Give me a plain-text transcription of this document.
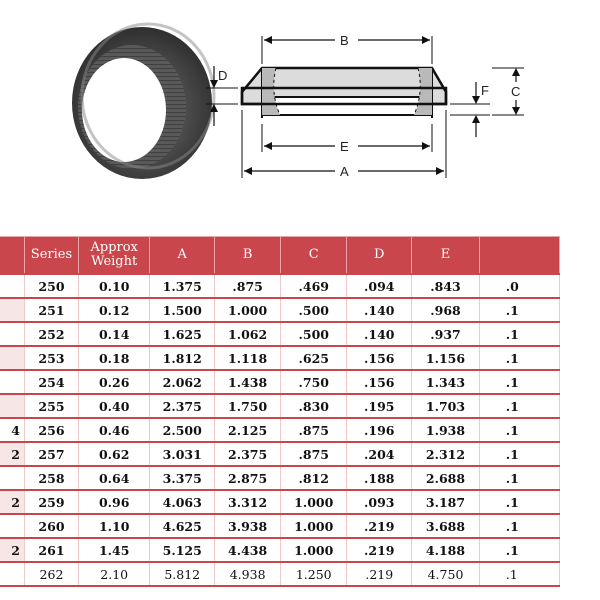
B
E
A
D
F C
	Series	Approx Weight	A	B	C	D	E	
	250	0.10	1.375	.875	.469	.094	.843	.0
	251	0.12	1.500	1.000	.500	.140	.968	.1
	252	0.14	1.625	1.062	.500	.140	.937	.1
	253	0.18	1.812	1.118	.625	.156	1.156	.1
	254	0.26	2.062	1.438	.750	.156	1.343	.1
	255	0.40	2.375	1.750	.830	.195	1.703	.1
4	256	0.46	2.500	2.125	.875	.196	1.938	.1
2	257	0.62	3.031	2.375	.875	.204	2.312	.1
	258	0.64	3.375	2.875	.812	.188	2.688	.1
2	259	0.96	4.063	3.312	1.000	.093	3.187	.1
	260	1.10	4.625	3.938	1.000	.219	3.688	.1
2	261	1.45	5.125	4.438	1.000	.219	4.188	.1
	262	2.10	5.812	4.938	1.250	.219	4.750	.1
